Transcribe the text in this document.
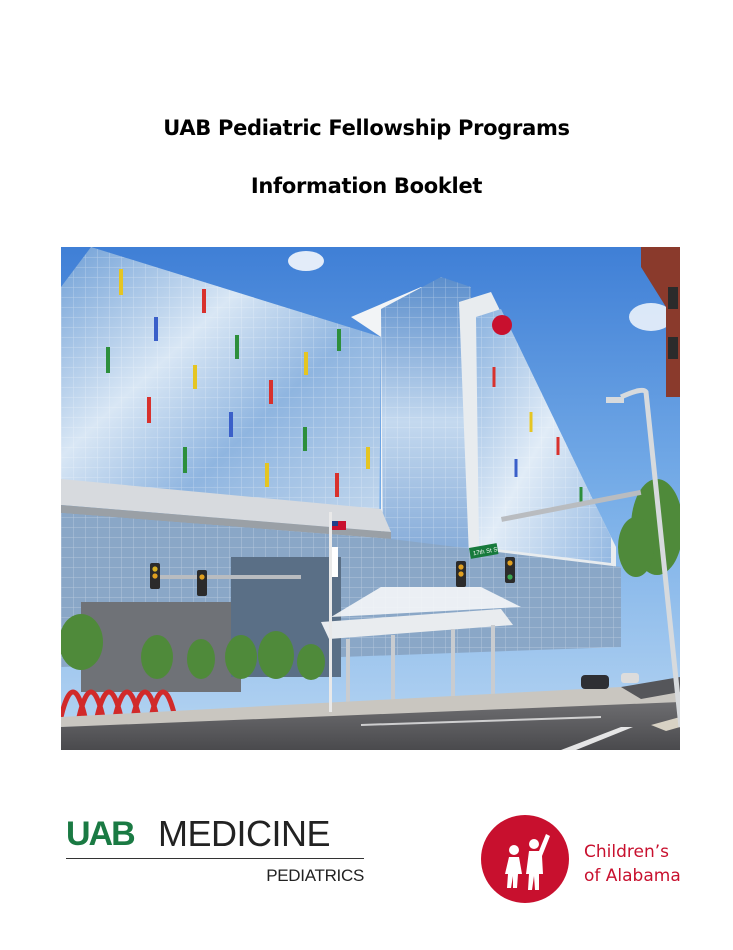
UAB Pediatric Fellowship Programs
Information Booklet
17th St S
UAB MEDICINE
PEDIATRICS
Children’s
of Alabama
